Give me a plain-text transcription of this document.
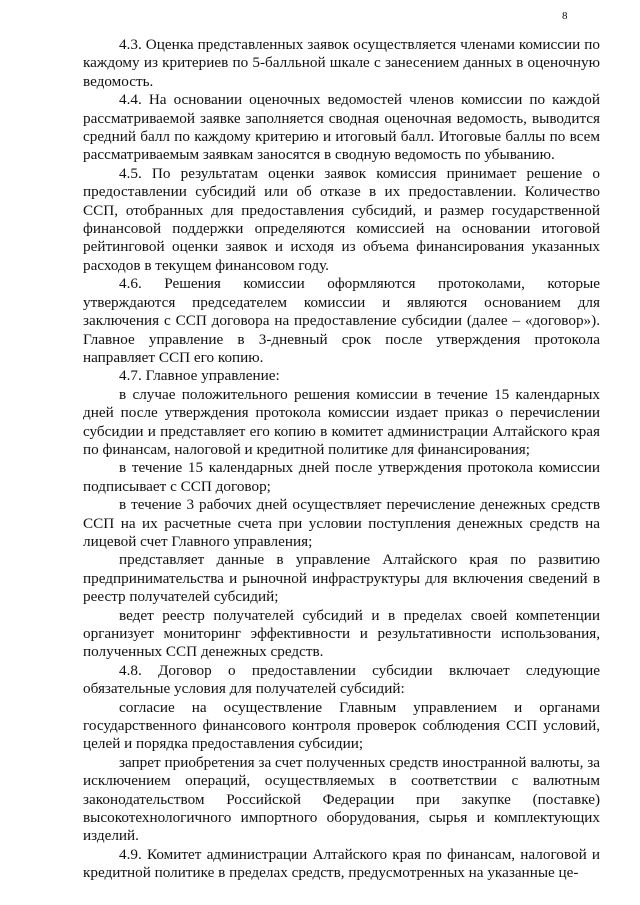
8

4.3. Оценка представленных заявок осуществляется членами комиссии по каждому из критериев по 5-балльной шкале с занесением данных в оценочную ведомость.

4.4. На основании оценочных ведомостей членов комиссии по каждой рассматриваемой заявке заполняется сводная оценочная ведомость, выводится средний балл по каждому критерию и итоговый балл. Итоговые баллы по всем рассматриваемым заявкам заносятся в сводную ведомость по убыванию.

4.5. По результатам оценки заявок комиссия принимает решение о предоставлении субсидий или об отказе в их предоставлении. Количество ССП, отобранных для предоставления субсидий, и размер государственной финансовой поддержки определяются комиссией на основании итоговой рейтинговой оценки заявок и исходя из объема финансирования указанных расходов в текущем финансовом году.

4.6. Решения комиссии оформляются протоколами, которые утверждаются председателем комиссии и являются основанием для заключения с ССП договора на предоставление субсидии (далее – «договор»). Главное управление в 3-дневный срок после утверждения протокола направляет ССП его копию.

4.7. Главное управление:

в случае положительного решения комиссии в течение 15 календарных дней после утверждения протокола комиссии издает приказ о перечислении субсидии и представляет его копию в комитет администрации Алтайского края по финансам, налоговой и кредитной политике для финансирования;

в течение 15 календарных дней после утверждения протокола комиссии подписывает с ССП договор;

в течение 3 рабочих дней осуществляет перечисление денежных средств ССП на их расчетные счета при условии поступления денежных средств на лицевой счет Главного управления;

представляет данные в управление Алтайского края по развитию предпринимательства и рыночной инфраструктуры для включения сведений в реестр получателей субсидий;

ведет реестр получателей субсидий и в пределах своей компетенции организует мониторинг эффективности и результативности использования, полученных ССП денежных средств.

4.8. Договор о предоставлении субсидии включает следующие обязательные условия для получателей субсидий:

согласие на осуществление Главным управлением и органами государственного финансового контроля проверок соблюдения ССП условий, целей и порядка предоставления субсидии;

запрет приобретения за счет полученных средств иностранной валюты, за исключением операций, осуществляемых в соответствии с валютным законодательством Российской Федерации при закупке (поставке) высокотехнологичного импортного оборудования, сырья и комплектующих изделий.

4.9. Комитет администрации Алтайского края по финансам, налоговой и кредитной политике в пределах средств, предусмотренных на указанные це-
